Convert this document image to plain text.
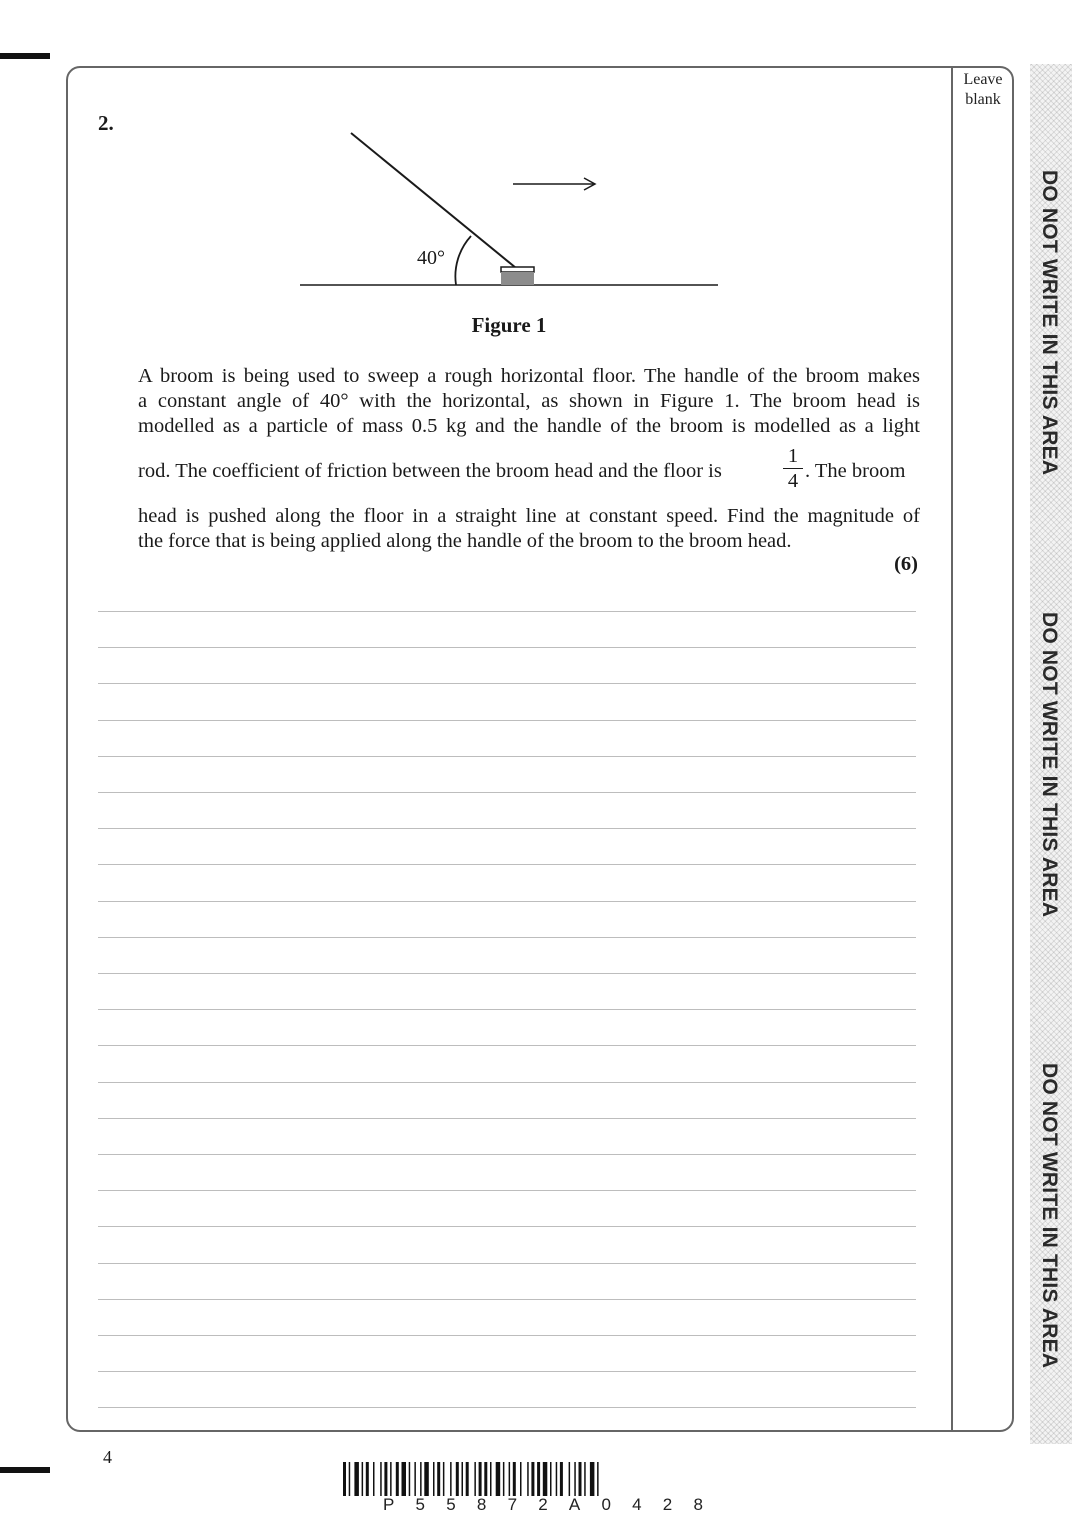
Leave
blank
DO NOT WRITE IN THIS AREA
DO NOT WRITE IN THIS AREA
DO NOT WRITE IN THIS AREA
2.
40°
Figure 1
A broom is being used to sweep a rough horizontal floor. The handle of the broom makes
a constant angle of 40° with the horizontal, as shown in Figure 1. The broom head is
modelled as a particle of mass 0.5 kg and the handle of the broom is modelled as a light
rod. The coefficient of friction between the broom head and the floor is
1
4 . The broom
head is pushed along the floor in a straight line at constant speed. Find the magnitude of
the force that is being applied along the handle of the broom to the broom head.
(6)
4
P 5 5 8 7 2 A 0 4 2 8
